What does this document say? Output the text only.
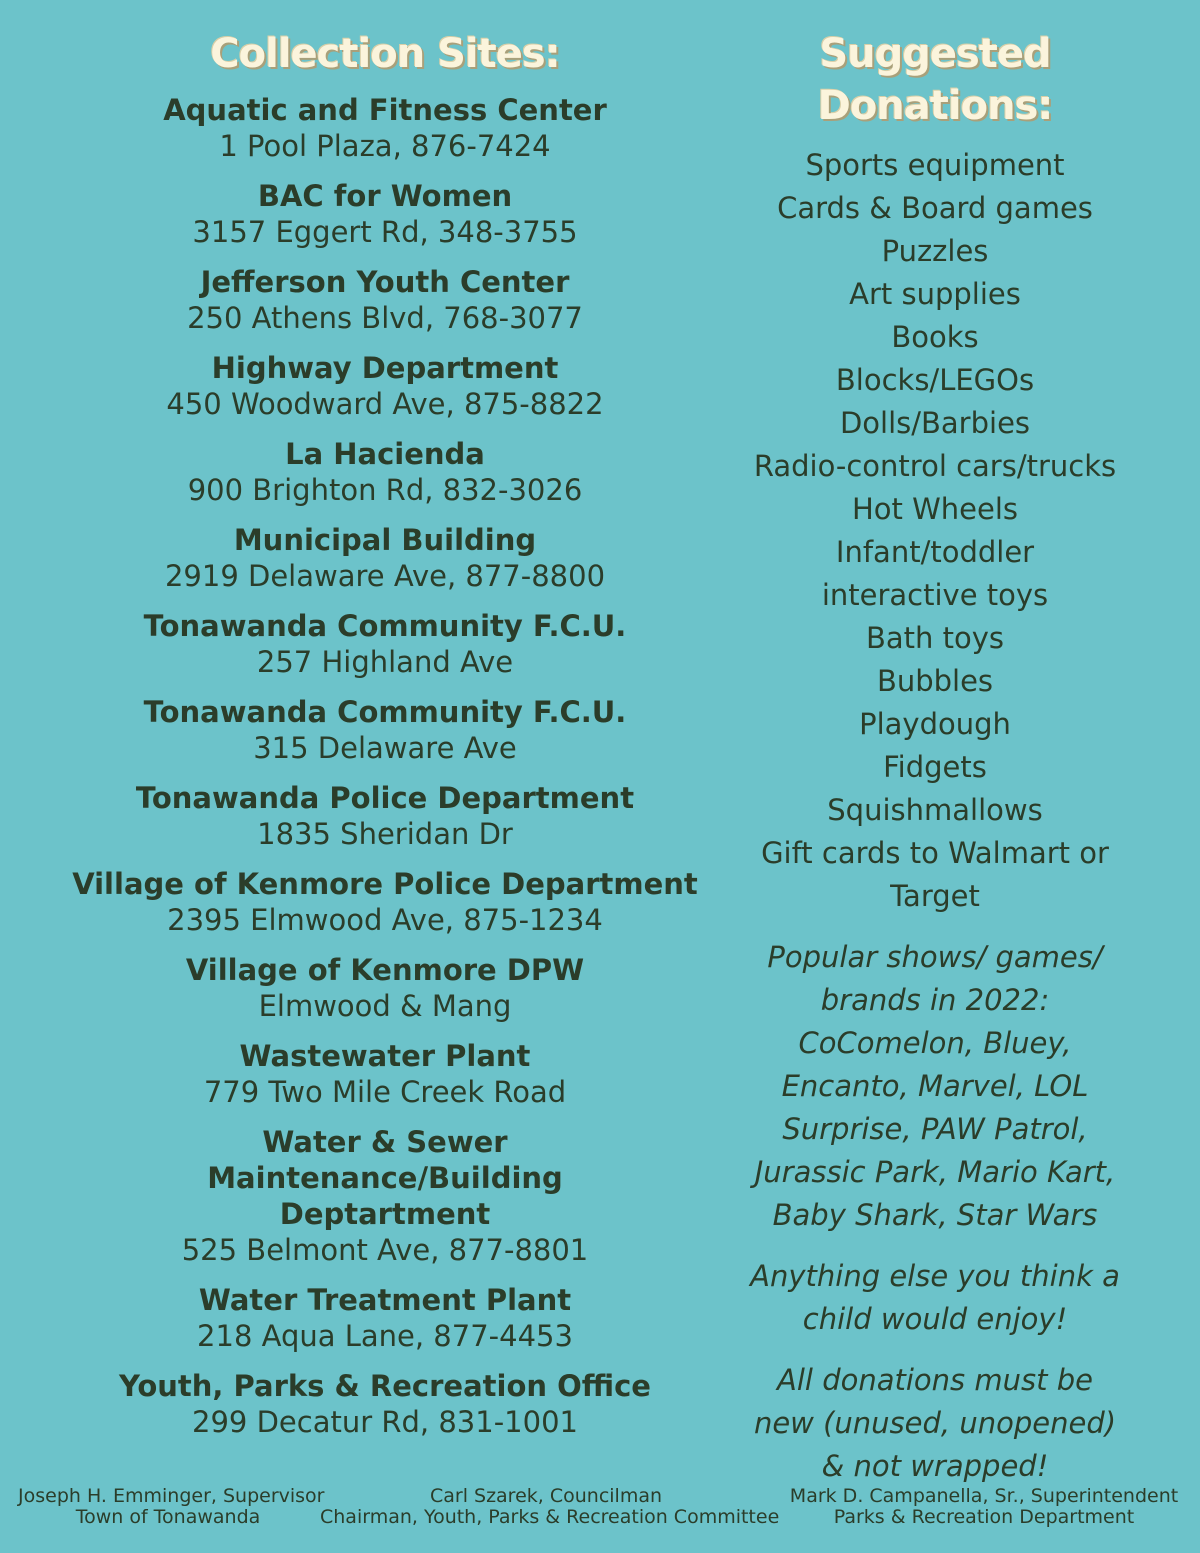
Collection Sites:
Aquatic and Fitness Center
1 Pool Plaza, 876-7424
BAC for Women
3157 Eggert Rd, 348-3755
Jefferson Youth Center
250 Athens Blvd, 768-3077
Highway Department
450 Woodward Ave, 875-8822
La Hacienda
900 Brighton Rd, 832-3026
Municipal Building
2919 Delaware Ave, 877-8800
Tonawanda Community F.C.U.
257 Highland Ave
Tonawanda Community F.C.U.
315 Delaware Ave
Tonawanda Police Department
1835 Sheridan Dr
Village of Kenmore Police Department
2395 Elmwood Ave, 875-1234
Village of Kenmore DPW
Elmwood & Mang
Wastewater Plant
779 Two Mile Creek Road
Water & Sewer Maintenance/Building Deptartment
525 Belmont Ave, 877-8801
Water Treatment Plant
218 Aqua Lane, 877-4453
Youth, Parks & Recreation Office
299 Decatur Rd, 831-1001
Suggested Donations:
Sports equipment
Cards & Board games
Puzzles
Art supplies
Books
Blocks/LEGOs
Dolls/Barbies
Radio-control cars/trucks
Hot Wheels
Infant/toddler interactive toys
Bath toys
Bubbles
Playdough
Fidgets
Squishmallows
Gift cards to Walmart or Target
Popular shows/ games/ brands in 2022: CoComelon, Bluey, Encanto, Marvel, LOL Surprise, PAW Patrol, Jurassic Park, Mario Kart, Baby Shark, Star Wars
Anything else you think a child would enjoy!
All donations must be new (unused, unopened) & not wrapped!
Joseph H. Emminger, Supervisor
Town of Tonawanda
Carl Szarek, Councilman
Chairman, Youth, Parks & Recreation Committee
Mark D. Campanella, Sr., Superintendent
Parks & Recreation Department
